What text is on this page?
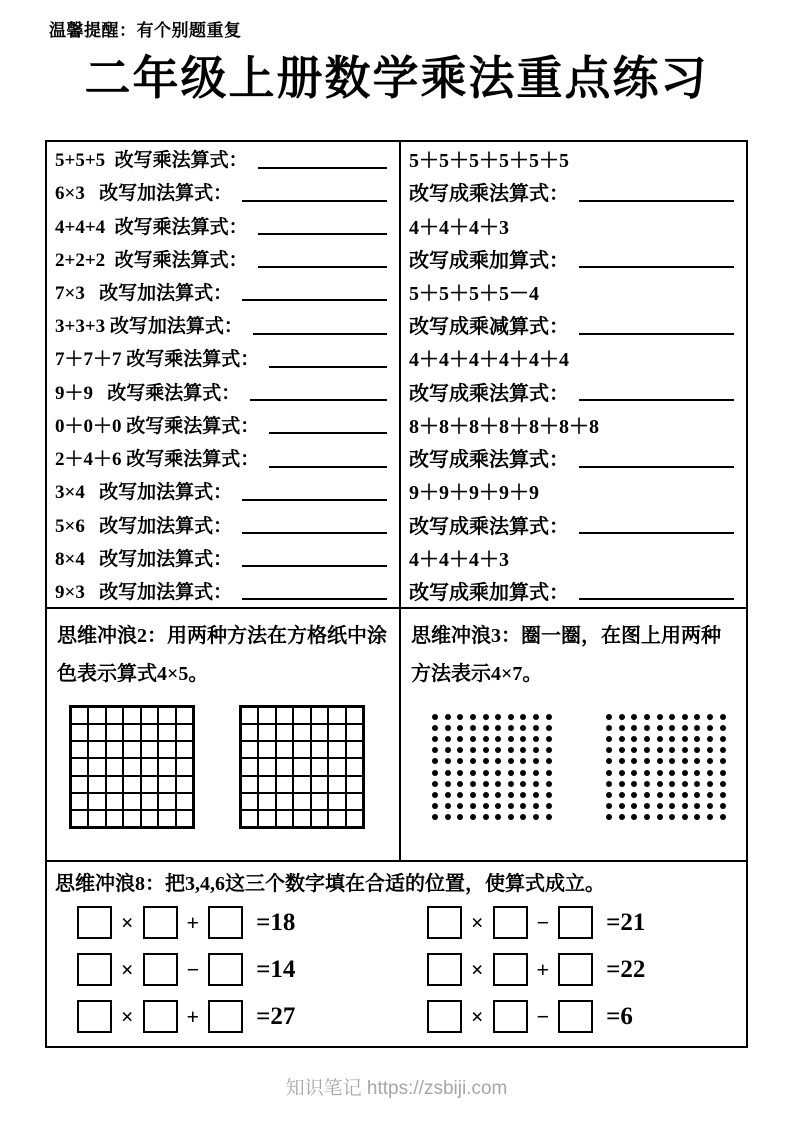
温馨提醒：有个别题重复
二年级上册数学乘法重点练习
5+5+5  改写乘法算式：
6×3   改写加法算式：
4+4+4  改写乘法算式：
2+2+2  改写乘法算式：
7×3   改写加法算式：
3+3+3 改写加法算式：
7＋7＋7 改写乘法算式：
9＋9   改写乘法算式：
0＋0＋0 改写乘法算式：
2＋4＋6 改写乘法算式：
3×4   改写加法算式：
5×6   改写加法算式：
8×4   改写加法算式：
9×3   改写加法算式：
5＋5＋5＋5＋5＋5
改写成乘法算式：
4＋4＋4＋3
改写成乘加算式：
5＋5＋5＋5－4
改写成乘减算式：
4＋4＋4＋4＋4＋4
改写成乘法算式：
8＋8＋8＋8＋8＋8＋8
改写成乘法算式：
9＋9＋9＋9＋9
改写成乘法算式：
4＋4＋4＋3
改写成乘加算式：
思维冲浪2：用两种方法在方格纸中涂色表示算式4×5。
思维冲浪3：圈一圈，在图上用两种方法表示4×7。
思维冲浪8：把3,4,6这三个数字填在合适的位置，使算式成立。
× + =18
× − =14
× + =27
× − =21
× + =22
× − =6
知识笔记 https://zsbiji.com
